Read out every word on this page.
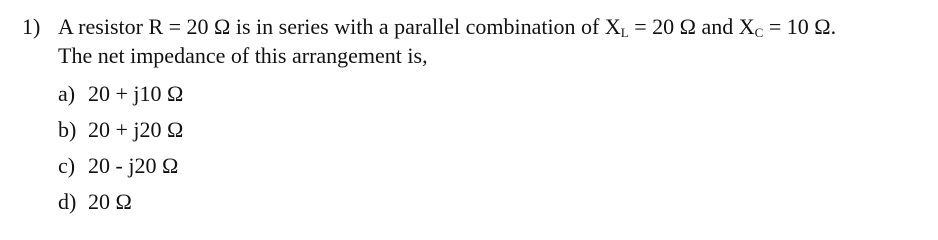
1) A resistor R = 20 Ω is in series with a parallel combination of XL = 20 Ω and XC = 10 Ω.
The net impedance of this arrangement is,
a) 20 + j10 Ω
b) 20 + j20 Ω
c) 20 - j20 Ω
d) 20 Ω
